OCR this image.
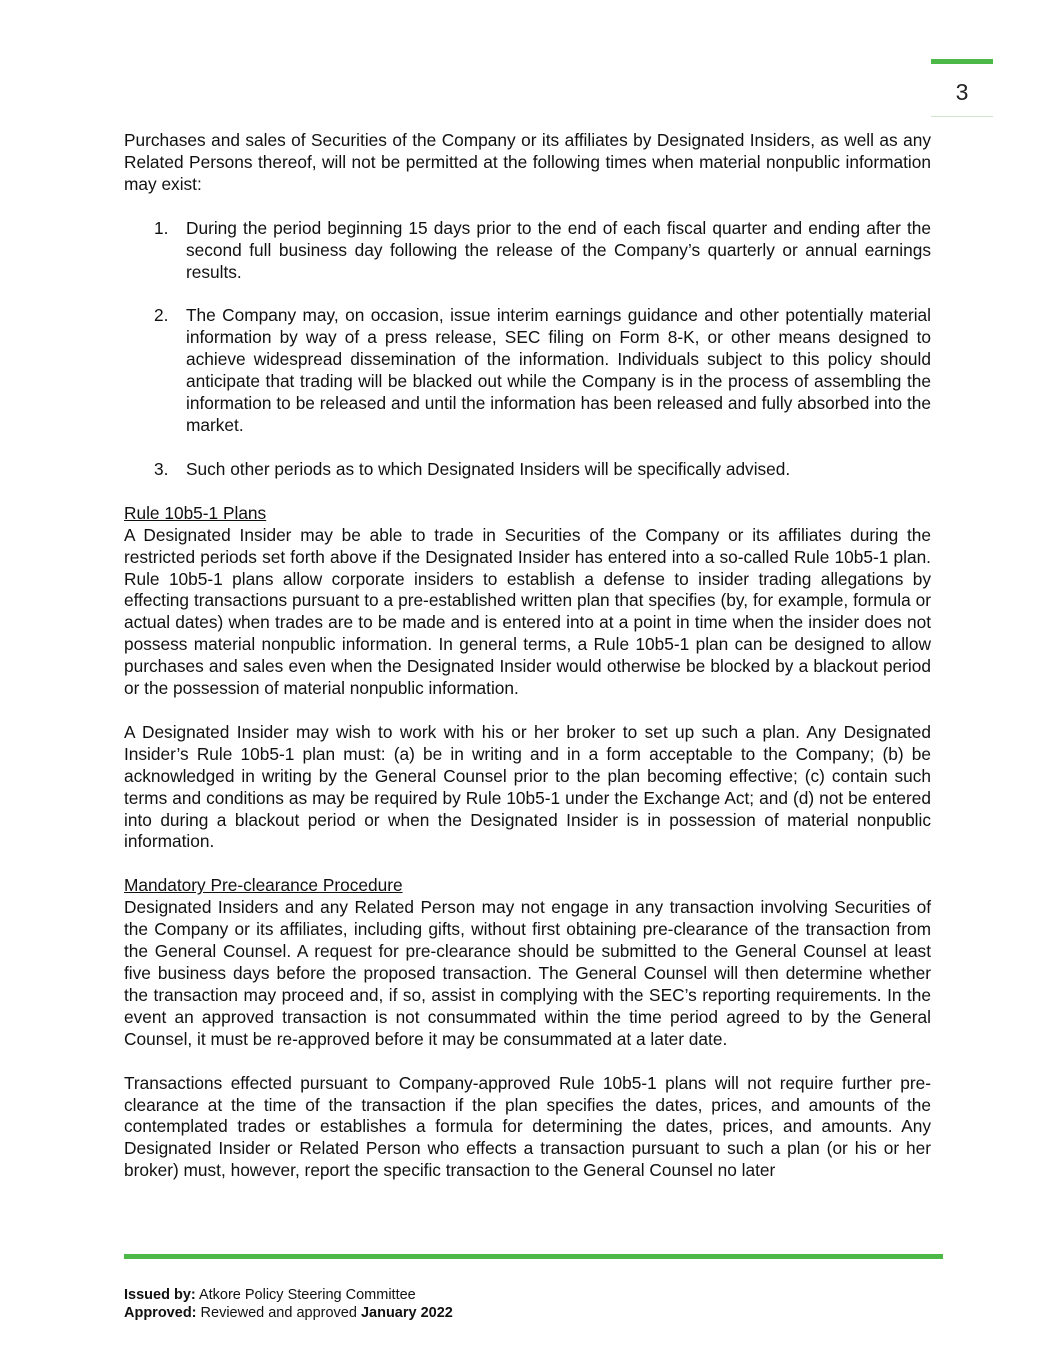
3

Purchases and sales of Securities of the Company or its affiliates by Designated Insiders, as well as any Related Persons thereof, will not be permitted at the following times when material nonpublic information may exist:

1.	During the period beginning 15 days prior to the end of each fiscal quarter and ending after the second full business day following the release of the Company’s quarterly or annual earnings results.
2.	The Company may, on occasion, issue interim earnings guidance and other potentially material information by way of a press release, SEC filing on Form 8-K, or other means designed to achieve widespread dissemination of the information. Individuals subject to this policy should anticipate that trading will be blacked out while the Company is in the process of assembling the information to be released and until the information has been released and fully absorbed into the market.
3.	Such other periods as to which Designated Insiders will be specifically advised.

Rule 10b5-1 Plans

A Designated Insider may be able to trade in Securities of the Company or its affiliates during the restricted periods set forth above if the Designated Insider has entered into a so-called Rule 10b5-1 plan. Rule 10b5-1 plans allow corporate insiders to establish a defense to insider trading allegations by effecting transactions pursuant to a pre-established written plan that specifies (by, for example, formula or actual dates) when trades are to be made and is entered into at a point in time when the insider does not possess material nonpublic information. In general terms, a Rule 10b5-1 plan can be designed to allow purchases and sales even when the Designated Insider would otherwise be blocked by a blackout period or the possession of material nonpublic information.

A Designated Insider may wish to work with his or her broker to set up such a plan. Any Designated Insider’s Rule 10b5-1 plan must: (a) be in writing and in a form acceptable to the Company; (b) be acknowledged in writing by the General Counsel prior to the plan becoming effective; (c) contain such terms and conditions as may be required by Rule 10b5-1 under the Exchange Act; and (d) not be entered into during a blackout period or when the Designated Insider is in possession of material nonpublic information.

Mandatory Pre-clearance Procedure

Designated Insiders and any Related Person may not engage in any transaction involving Securities of the Company or its affiliates, including gifts, without first obtaining pre-clearance of the transaction from the General Counsel. A request for pre-clearance should be submitted to the General Counsel at least five business days before the proposed transaction. The General Counsel will then determine whether the transaction may proceed and, if so, assist in complying with the SEC’s reporting requirements. In the event an approved transaction is not consummated within the time period agreed to by the General Counsel, it must be re-approved before it may be consummated at a later date.

Transactions effected pursuant to Company-approved Rule 10b5-1 plans will not require further pre-clearance at the time of the transaction if the plan specifies the dates, prices, and amounts of the contemplated trades or establishes a formula for determining the dates, prices, and amounts. Any Designated Insider or Related Person who effects a transaction pursuant to such a plan (or his or her broker) must, however, report the specific transaction to the General Counsel no later

Issued by: Atkore Policy Steering Committee
Approved: Reviewed and approved January 2022
